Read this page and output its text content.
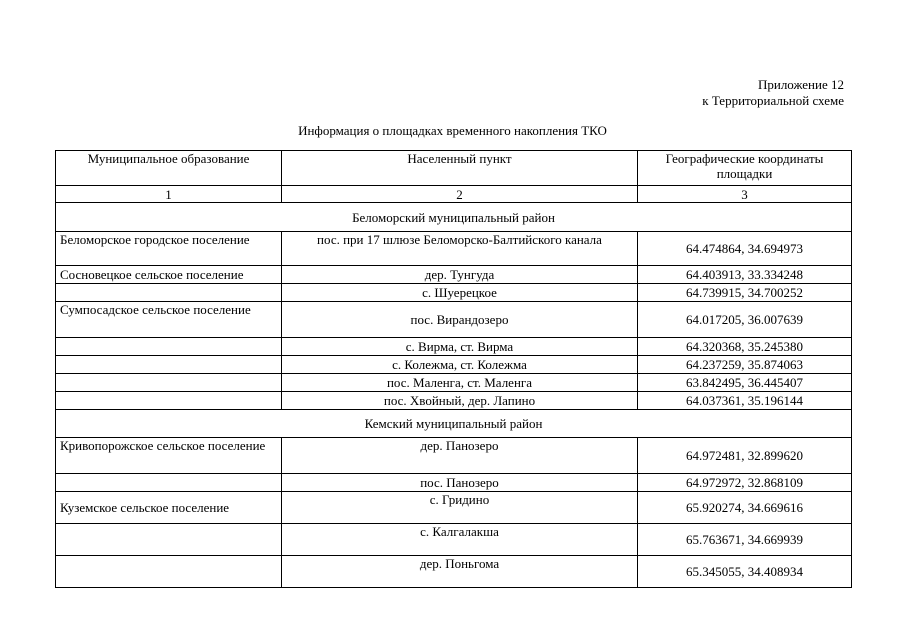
Приложение 12
к Территориальной схеме
Информация о площадках временного накопления ТКО
Муниципальное образование	Населенный пункт	Географические координаты площадки
1	2	3
Беломорский муниципальный район		
Беломорское городское поселение	пос. при 17 шлюзе Беломорско-Балтийского канала	64.474864, 34.694973
Сосновецкое сельское поселение	дер. Тунгуда	64.403913, 33.334248
	с. Шуерецкое	64.739915, 34.700252
Сумпосадское сельское поселение	пос. Вирандозеро	64.017205, 36.007639
	с. Вирма, ст. Вирма	64.320368, 35.245380
	с. Колежма, ст. Колежма	64.237259, 35.874063
	пос. Маленга, ст. Маленга	63.842495, 36.445407
	пос. Хвойный, дер. Лапино	64.037361, 35.196144
Кемский муниципальный район		
Кривопорожское сельское поселение	дер. Панозеро	64.972481, 32.899620
	пос. Панозеро	64.972972, 32.868109
Куземское сельское поселение	с. Гридино	65.920274, 34.669616
	с. Калгалакша	65.763671, 34.669939
	дер. Поньгома	65.345055, 34.408934
